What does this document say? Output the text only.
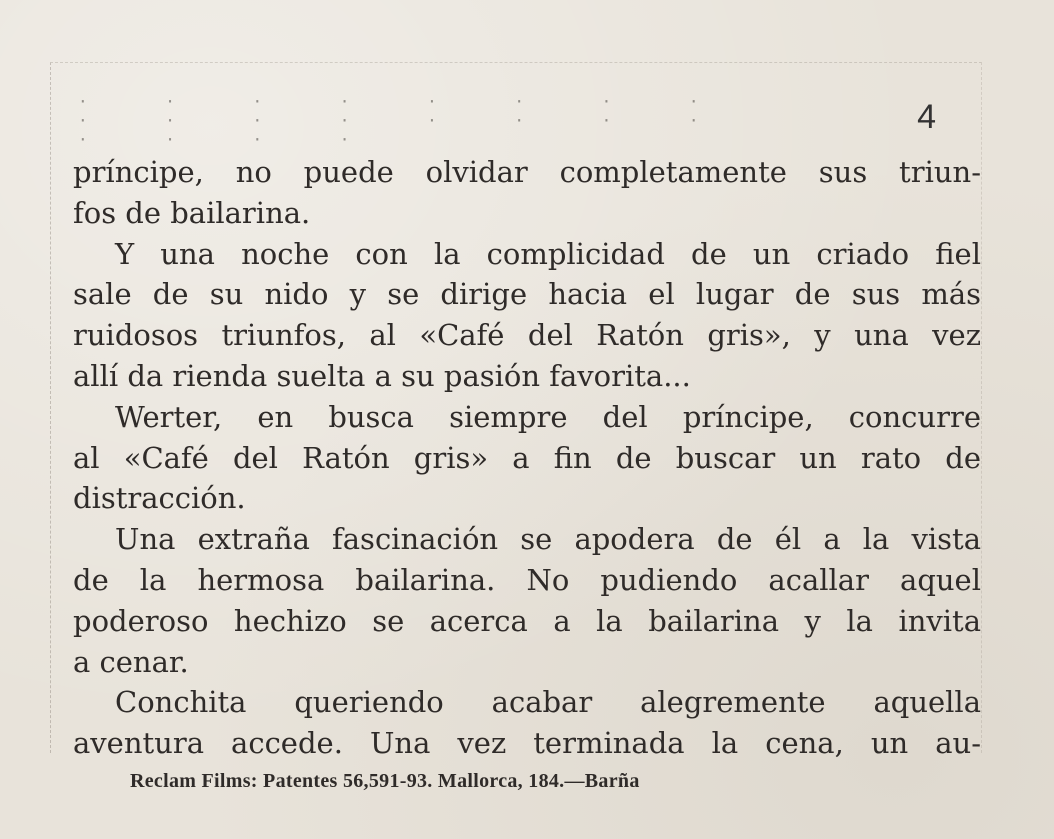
· · · · · · · · · · · · · · · · · · · ·
4
príncipe, no puede olvidar completamente sus triun-
fos de bailarina.
Y una noche con la complicidad de un criado fiel
sale de su nido y se dirige hacia el lugar de sus más
ruidosos triunfos, al «Café del Ratón gris», y una vez
allí da rienda suelta a su pasión favorita...
Werter, en busca siempre del príncipe, concurre
al «Café del Ratón gris» a fin de buscar un rato de
distracción.
Una extraña fascinación se apodera de él a la vista
de la hermosa bailarina. No pudiendo acallar aquel
poderoso hechizo se acerca a la bailarina y la invita
a cenar.
Conchita queriendo acabar alegremente aquella
aventura accede. Una vez terminada la cena, un au-
Reclam Films: Patentes 56,591-93. Mallorca, 184.—Barña
